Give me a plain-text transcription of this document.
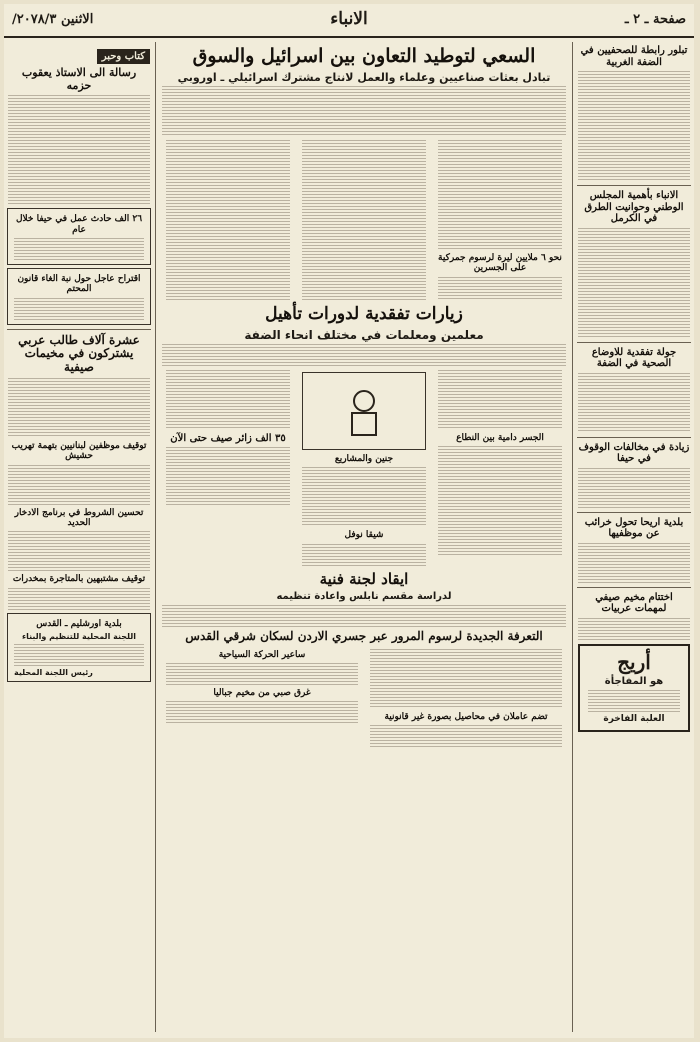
صفحة ـ ٢ ـ
الانباء
الاثنين ٢٠٧٨/٣/
تبلور رابطة للصحفيين في الضفة الغربية
الانباء بأهمية المجلس الوطني وحوانيت الطرق في الكرمل
جولة تفقدية للاوضاع الصحية في الضفة
زيادة في مخالفات الوقوف في حيفا
بلدية اريحا تحول خرائب عن موظفيها
اختتام مخيم صيفي لمهمات عربيات
أريج
هو المفاجأة
العلبة الفاخرة
السعي لتوطيد التعاون بين اسرائيل والسوق
تبادل بعثات صناعيين وعلماء والعمل لانتاج مشترك اسرائيلي ـ اوروبي
نحو ٦ ملايين ليرة لرسوم جمركية على الجسرين
زيارات تفقدية لدورات تأهيل
معلمين ومعلمات في مختلف انحاء الضفة
الجسر دامية بين النطاع
جنين والمشاريع
شيقا نوفل
٣٥ الف زائر صيف حتى الآن
ايقاد لجنة فنية
لدراسة مقسم نابلس واعادة تنظيمه
التعرفة الجديدة لرسوم المرور عبر جسري الاردن لسكان شرقي القدس
تضم عاملان في محاصيل بصورة غير قانونية
ساعير الحركة السياحية
غرق صبي من مخيم جباليا
كتاب وحبر
رسالة الى الاستاذ يعقوب حزمه
٢٦ الف حادث عمل في حيفا خلال عام
اقتراح عاجل حول نبة الغاء قانون المحتم
عشرة آلاف طالب عربي يشتركون في مخيمات صيفية
توقيف موظفين لبنانيين بتهمة تهريب حشيش
تحسين الشروط في برنامج الادخار الحديد
توقيف مشتبهين بالمتاجرة بمخدرات
بلدية اورشليم ـ القدس
اللجنة المحلية للتنظيم والبناء
رئيس اللجنة المحلية
